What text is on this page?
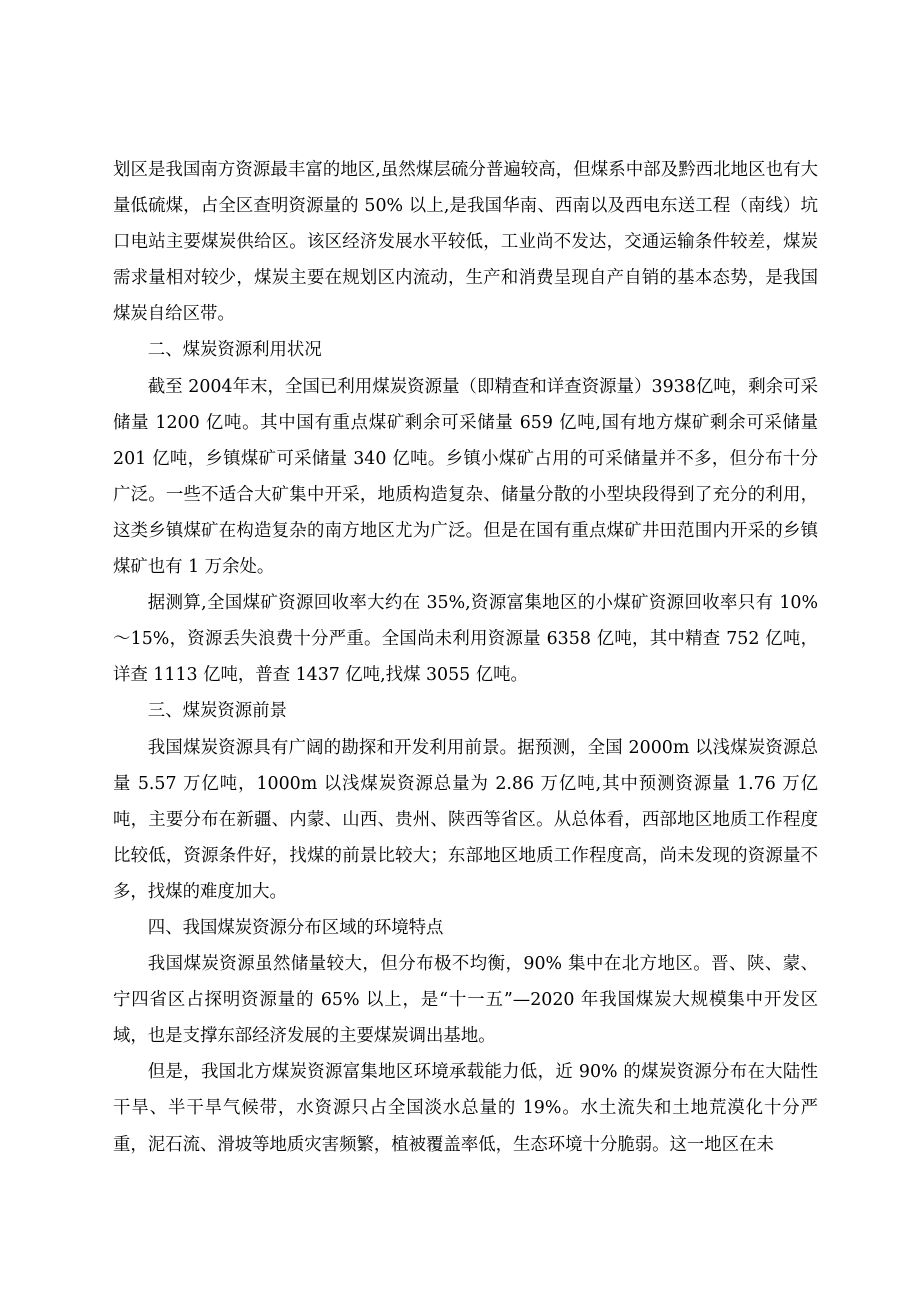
划区是我国南方资源最丰富的地区,虽然煤层硫分普遍较高，但煤系中部及黔西北地区也有大量低硫煤，占全区查明资源量的 50% 以上,是我国华南、西南以及西电东送工程（南线）坑口电站主要煤炭供给区。该区经济发展水平较低，工业尚不发达，交通运输条件较差，煤炭需求量相对较少，煤炭主要在规划区内流动，生产和消费呈现自产自销的基本态势，是我国煤炭自给区带。

二、煤炭资源利用状况

截至 2004年末，全国已利用煤炭资源量（即精查和详查资源量）3938亿吨，剩余可采储量 1200 亿吨。其中国有重点煤矿剩余可采储量 659 亿吨,国有地方煤矿剩余可采储量 201 亿吨，乡镇煤矿可采储量 340 亿吨。乡镇小煤矿占用的可采储量并不多，但分布十分广泛。一些不适合大矿集中开采，地质构造复杂、储量分散的小型块段得到了充分的利用，这类乡镇煤矿在构造复杂的南方地区尤为广泛。但是在国有重点煤矿井田范围内开采的乡镇煤矿也有 1 万余处。

据测算,全国煤矿资源回收率大约在 35%,资源富集地区的小煤矿资源回收率只有 10%～15%，资源丢失浪费十分严重。全国尚未利用资源量 6358 亿吨，其中精查 752 亿吨，详查 1113 亿吨，普查 1437 亿吨,找煤 3055 亿吨。

三、煤炭资源前景

我国煤炭资源具有广阔的勘探和开发利用前景。据预测，全国 2000m 以浅煤炭资源总量 5.57 万亿吨，1000m 以浅煤炭资源总量为 2.86 万亿吨,其中预测资源量 1.76 万亿吨，主要分布在新疆、内蒙、山西、贵州、陕西等省区。从总体看，西部地区地质工作程度比较低，资源条件好，找煤的前景比较大；东部地区地质工作程度高，尚未发现的资源量不多，找煤的难度加大。

四、我国煤炭资源分布区域的环境特点

我国煤炭资源虽然储量较大，但分布极不均衡，90% 集中在北方地区。晋、陕、蒙、宁四省区占探明资源量的 65% 以上，是“十一五”—2020 年我国煤炭大规模集中开发区域，也是支撑东部经济发展的主要煤炭调出基地。

但是，我国北方煤炭资源富集地区环境承载能力低，近 90% 的煤炭资源分布在大陆性干旱、半干旱气候带，水资源只占全国淡水总量的 19%。水土流失和土地荒漠化十分严重，泥石流、滑坡等地质灾害频繁，植被覆盖率低，生态环境十分脆弱。这一地区在未
